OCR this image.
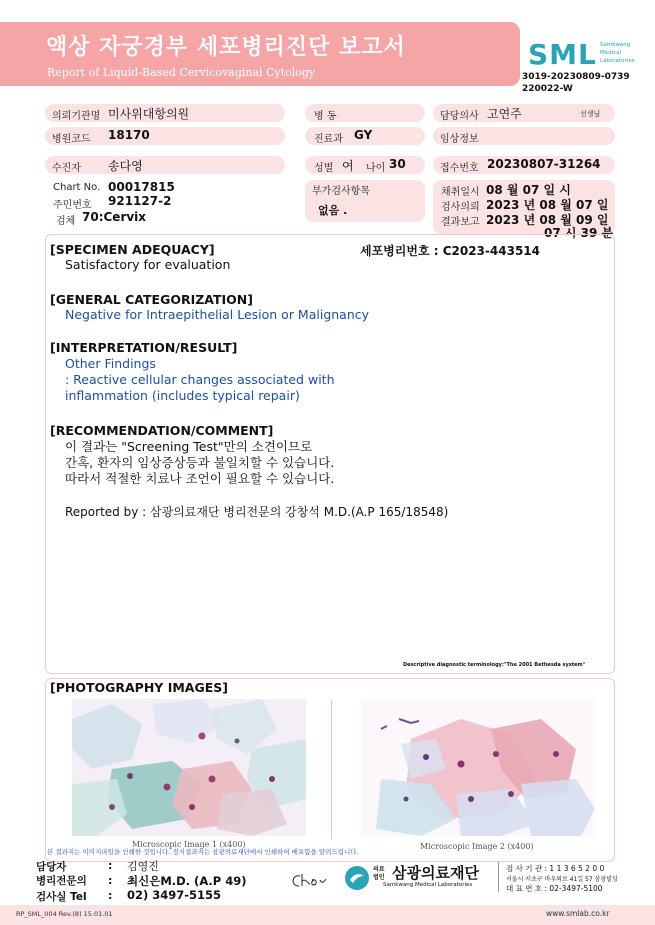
액상 자궁경부 세포병리진단 보고서
Report of Liquid-Based Cervicovaginal Cytology
SML Samkwang
Medical
Laboratories
3019-20230809-0739
220022-W
의뢰기관명 미사위대항의원	병 동	담당의사 고연주	선생님
병원코드 18170	진료과 GY	임상정보
수진자 송다영	성별 여 나이 30	접수번호 20230807-31264
Chart No. 00017815
주민번호 921127-2
검체 70:Cervix
부가검사항목
없음 .
채취일시 08 월 07 일 시
검사의뢰 2023 년 08 월 07 일
결과보고 2023 년 08 월 09 일
07 시 39 분
[SPECIMEN ADEQUACY]	세포병리번호 : C2023-443514
Satisfactory for evaluation
[GENERAL CATEGORIZATION]
Negative for Intraepithelial Lesion or Malignancy
[INTERPRETATION/RESULT]
Other Findings
: Reactive cellular changes associated with
inflammation (includes typical repair)
[RECOMMENDATION/COMMENT]
이 결과는 "Screening Test"만의 소견이므로
간혹, 환자의 임상증상등과 불일치할 수 있습니다.
따라서 적절한 치료나 조언이 필요할 수 있습니다.
Reported by : 삼광의료재단 병리전문의 강창석 M.D.(A.P 165/18548)
Descriptive diagnostic terminology:"The 2001 Bethesda system"
[PHOTOGRAPHY IMAGES]
Microscopic Image 1 (x400)	Microscopic Image 2 (x400)
본 결과지는 이미지파일을 인쇄한 것입니다. 정식결과지는 삼광의료재단에서 인쇄하여 배포함을 알려드립니다.
담당자	: 김영진
병리전문의 : 최신은M.D. (A.P 49)
검사실 Tel : 02) 3497-5155
의료
법인 삼광의료재단
Samkwang Medical Laboratories
검 사 기 관 : 1 1 3 6 5 2 0 0
서울시 서초구 바우뫼로 41길 57 삼광빌딩
대 표 번 호 : 02-3497-5100
RP_SML_004 Rev.(8) 15.01.01	www.smlab.co.kr
